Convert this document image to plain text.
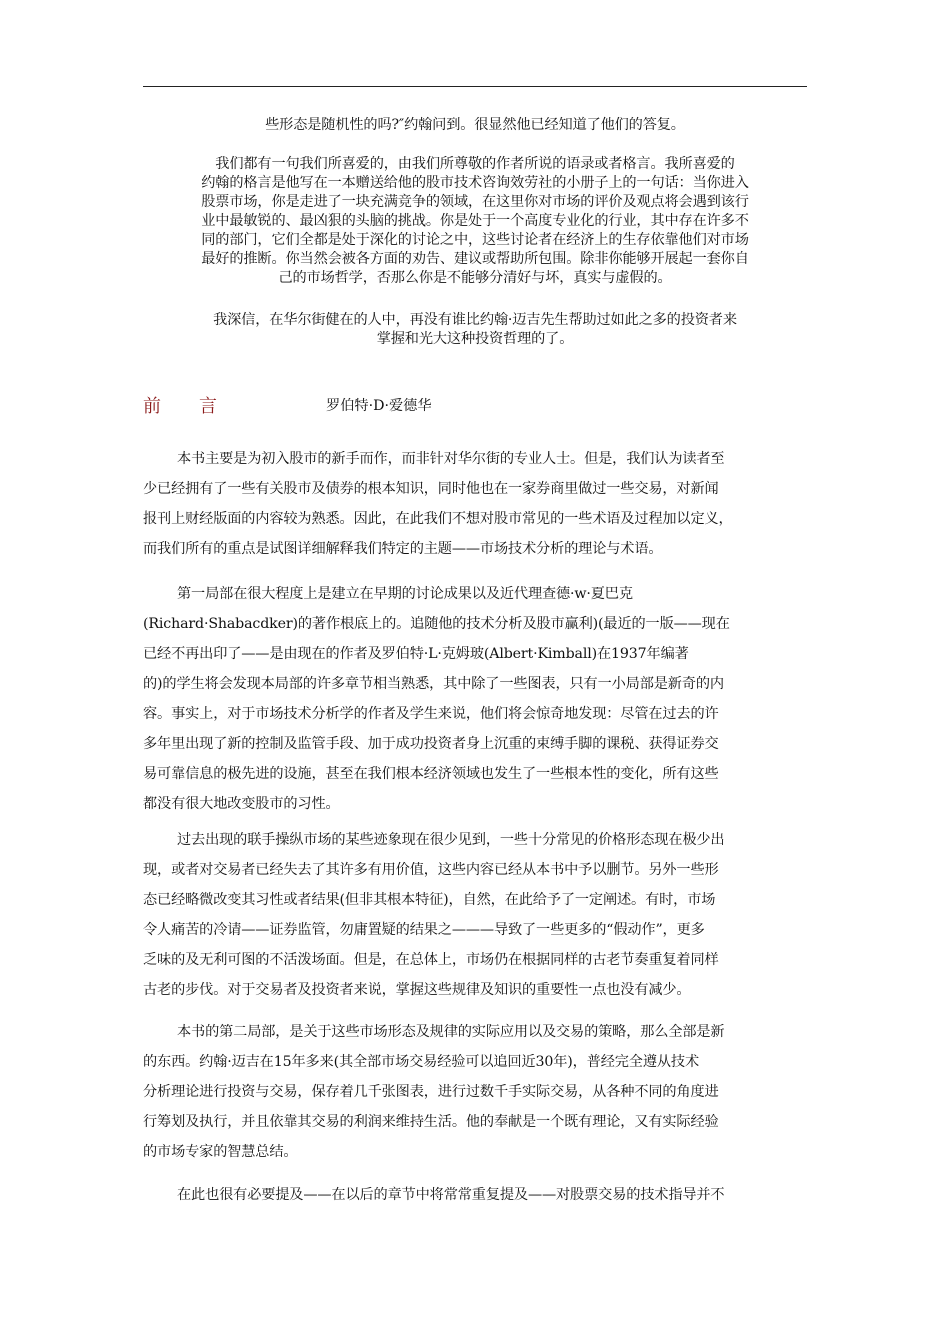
些形态是随机性的吗?″约翰问到。很显然他已经知道了他们的答复。
我们都有一句我们所喜爱的，由我们所尊敬的作者所说的语录或者格言。我所喜爱的
约翰的格言是他写在一本赠送给他的股市技术咨询效劳社的小册子上的一句话：当你进入
股票市场，你是走进了一块充满竞争的领域，在这里你对市场的评价及观点将会遇到该行
业中最敏锐的、最凶狠的头脑的挑战。你是处于一个高度专业化的行业，其中存在许多不
同的部门，它们全都是处于深化的讨论之中，这些讨论者在经济上的生存依靠他们对市场
最好的推断。你当然会被各方面的劝告、建议或帮助所包围。除非你能够开展起一套你自
己的市场哲学，否那么你是不能够分清好与坏，真实与虚假的。
我深信，在华尔街健在的人中，再没有谁比约翰·迈吉先生帮助过如此之多的投资者来
掌握和光大这种投资哲理的了。
前 言	罗伯特·D·爱德华
本书主要是为初入股市的新手而作，而非针对华尔街的专业人士。但是，我们认为读者至
少已经拥有了一些有关股市及债券的根本知识，同时他也在一家券商里做过一些交易，对新闻
报刊上财经版面的内容较为熟悉。因此，在此我们不想对股市常见的一些术语及过程加以定义，
而我们所有的重点是试图详细解释我们特定的主题——市场技术分析的理论与术语。
第一局部在很大程度上是建立在早期的讨论成果以及近代理查德·w·夏巴克
(Richard·Shabacdker)的著作根底上的。追随他的技术分析及股市赢利)(最近的一版——现在
已经不再出印了——是由现在的作者及罗伯特·L·克姆玻(Albert·Kimball)在1937年编著
的)的学生将会发现本局部的许多章节相当熟悉，其中除了一些图表，只有一小局部是新奇的内
容。事实上，对于市场技术分析学的作者及学生来说，他们将会惊奇地发现：尽管在过去的许
多年里出现了新的控制及监管手段、加于成功投资者身上沉重的束缚手脚的课税、获得证券交
易可靠信息的极先进的设施，甚至在我们根本经济领域也发生了一些根本性的变化，所有这些
都没有很大地改变股市的习性。
过去出现的联手操纵市场的某些迹象现在很少见到，一些十分常见的价格形态现在极少出
现，或者对交易者已经失去了其许多有用价值，这些内容已经从本书中予以删节。另外一些形
态已经略微改变其习性或者结果(但非其根本特征)，自然，在此给予了一定阐述。有时，市场
令人痛苦的冷请——证券监管，勿庸置疑的结果之———导致了一些更多的“假动作”，更多
乏味的及无利可图的不活泼场面。但是，在总体上，市场仍在根据同样的古老节奏重复着同样
古老的步伐。对于交易者及投资者来说，掌握这些规律及知识的重要性一点也没有减少。
本书的第二局部，是关于这些市场形态及规律的实际应用以及交易的策略，那么全部是新
的东西。约翰·迈吉在15年多来(其全部市场交易经验可以追回近30年)，普经完全遵从技术
分析理论进行投资与交易，保存着几千张图表，进行过数千手实际交易，从各种不同的角度进
行筹划及执行，并且依靠其交易的利润来维持生活。他的奉献是一个既有理论，又有实际经验
的市场专家的智慧总结。
在此也很有必要提及——在以后的章节中将常常重复提及——对股票交易的技术指导并不
